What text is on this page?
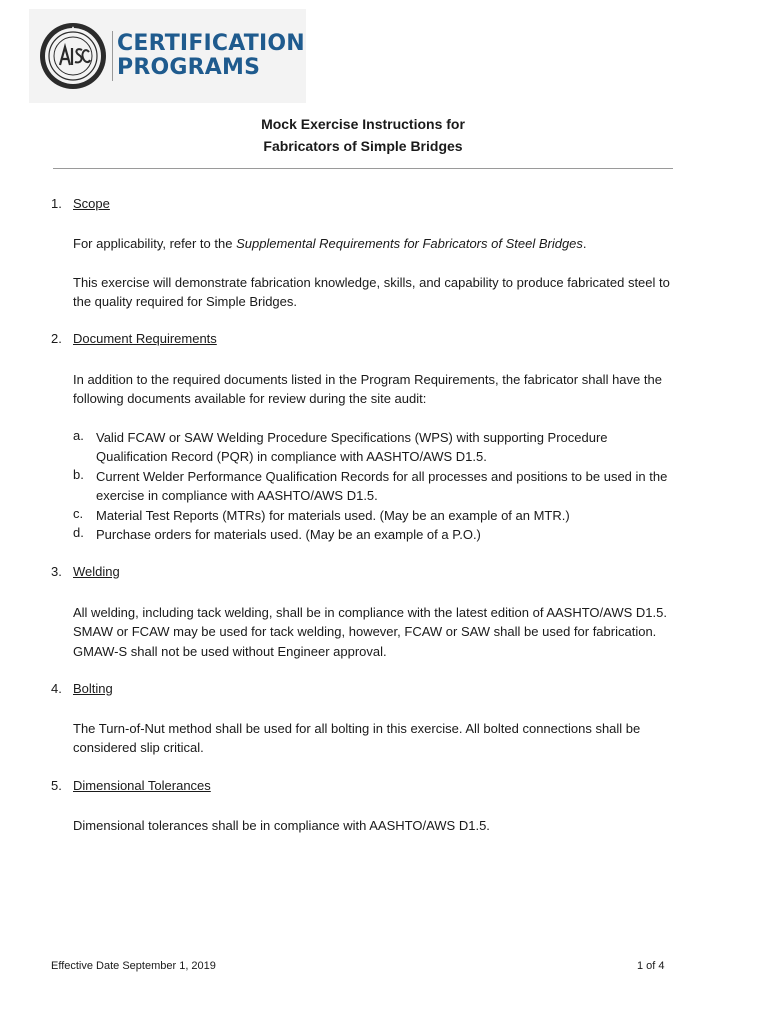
CERTIFICATION
PROGRAMS
Mock Exercise Instructions for
Fabricators of Simple Bridges
1. Scope
For applicability, refer to the Supplemental Requirements for Fabricators of Steel Bridges.
This exercise will demonstrate fabrication knowledge, skills, and capability to produce fabricated steel to the quality required for Simple Bridges.
2. Document Requirements
In addition to the required documents listed in the Program Requirements, the fabricator shall have the following documents available for review during the site audit:
a. Valid FCAW or SAW Welding Procedure Specifications (WPS) with supporting Procedure Qualification Record (PQR) in compliance with AASHTO/AWS D1.5.
b. Current Welder Performance Qualification Records for all processes and positions to be used in the exercise in compliance with AASHTO/AWS D1.5.
c. Material Test Reports (MTRs) for materials used. (May be an example of an MTR.)
d. Purchase orders for materials used. (May be an example of a P.O.)
3. Welding
All welding, including tack welding, shall be in compliance with the latest edition of AASHTO/AWS D1.5. SMAW or FCAW may be used for tack welding, however, FCAW or SAW shall be used for fabrication. GMAW-S shall not be used without Engineer approval.
4. Bolting
The Turn-of-Nut method shall be used for all bolting in this exercise. All bolted connections shall be considered slip critical.
5. Dimensional Tolerances
Dimensional tolerances shall be in compliance with AASHTO/AWS D1.5.
Effective Date September 1, 2019	1 of 4
